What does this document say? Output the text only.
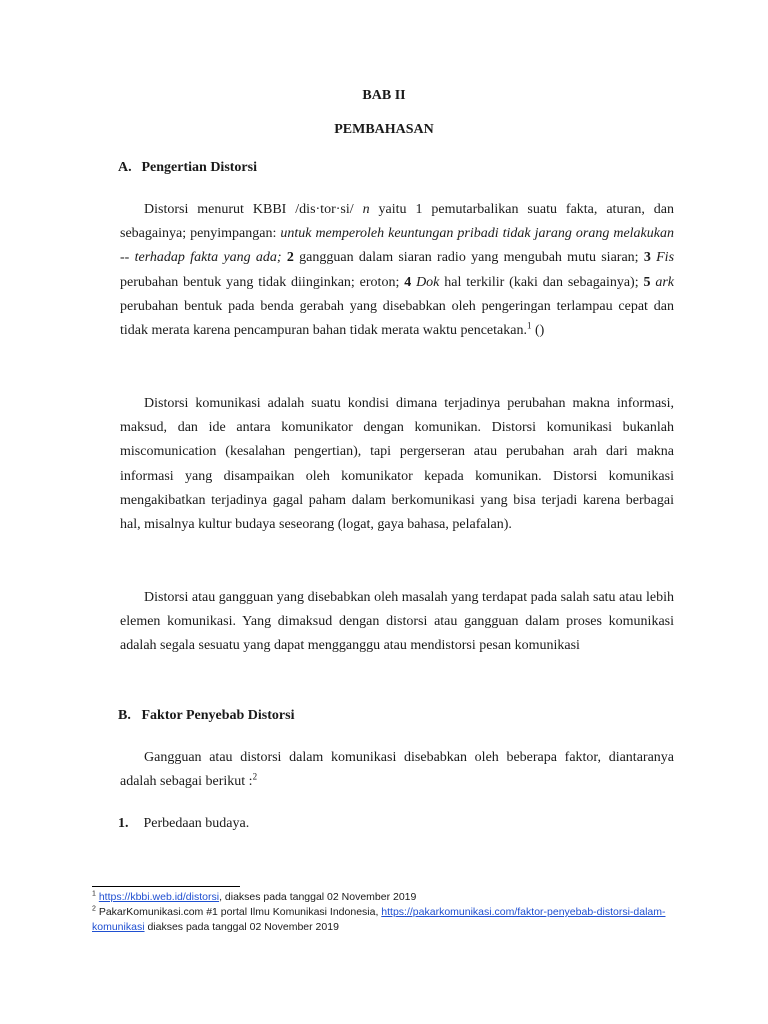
BAB II
PEMBAHASAN
A. Pengertian Distorsi
Distorsi menurut KBBI /dis·tor·si/ n yaitu 1 pemutarbalikan suatu fakta, aturan, dan sebagainya; penyimpangan: untuk memperoleh keuntungan pribadi tidak jarang orang melakukan -- terhadap fakta yang ada; 2 gangguan dalam siaran radio yang mengubah mutu siaran; 3 Fis perubahan bentuk yang tidak diinginkan; eroton; 4 Dok hal terkilir (kaki dan sebagainya); 5 ark perubahan bentuk pada benda gerabah yang disebabkan oleh pengeringan terlampau cepat dan tidak merata karena pencampuran bahan tidak merata waktu pencetakan.$^1$ ()
Distorsi komunikasi adalah suatu kondisi dimana terjadinya perubahan makna informasi, maksud, dan ide antara komunikator dengan komunikan. Distorsi komunikasi bukanlah miscomunication (kesalahan pengertian), tapi pergerseran atau perubahan arah dari makna informasi yang disampaikan oleh komunikator kepada komunikan. Distorsi komunikasi mengakibatkan terjadinya gagal paham dalam berkomunikasi yang bisa terjadi karena berbagai hal, misalnya kultur budaya seseorang (logat, gaya bahasa, pelafalan).
Distorsi atau gangguan yang disebabkan oleh masalah yang terdapat pada salah satu atau lebih elemen komunikasi. Yang dimaksud dengan distorsi atau gangguan dalam proses komunikasi adalah segala sesuatu yang dapat mengganggu atau mendistorsi pesan komunikasi
B. Faktor Penyebab Distorsi
Gangguan atau distorsi dalam komunikasi disebabkan oleh beberapa faktor, diantaranya adalah sebagai berikut :$^2$
1. Perbedaan budaya.
$^1$ https://kbbi.web.id/distorsi, diakses pada tanggal 02 November 2019
$^2$ PakarKomunikasi.com #1 portal Ilmu Komunikasi Indonesia, https://pakarkomunikasi.com/faktor-penyebab-distorsi-dalam-komunikasi diakses pada tanggal 02 November 2019
